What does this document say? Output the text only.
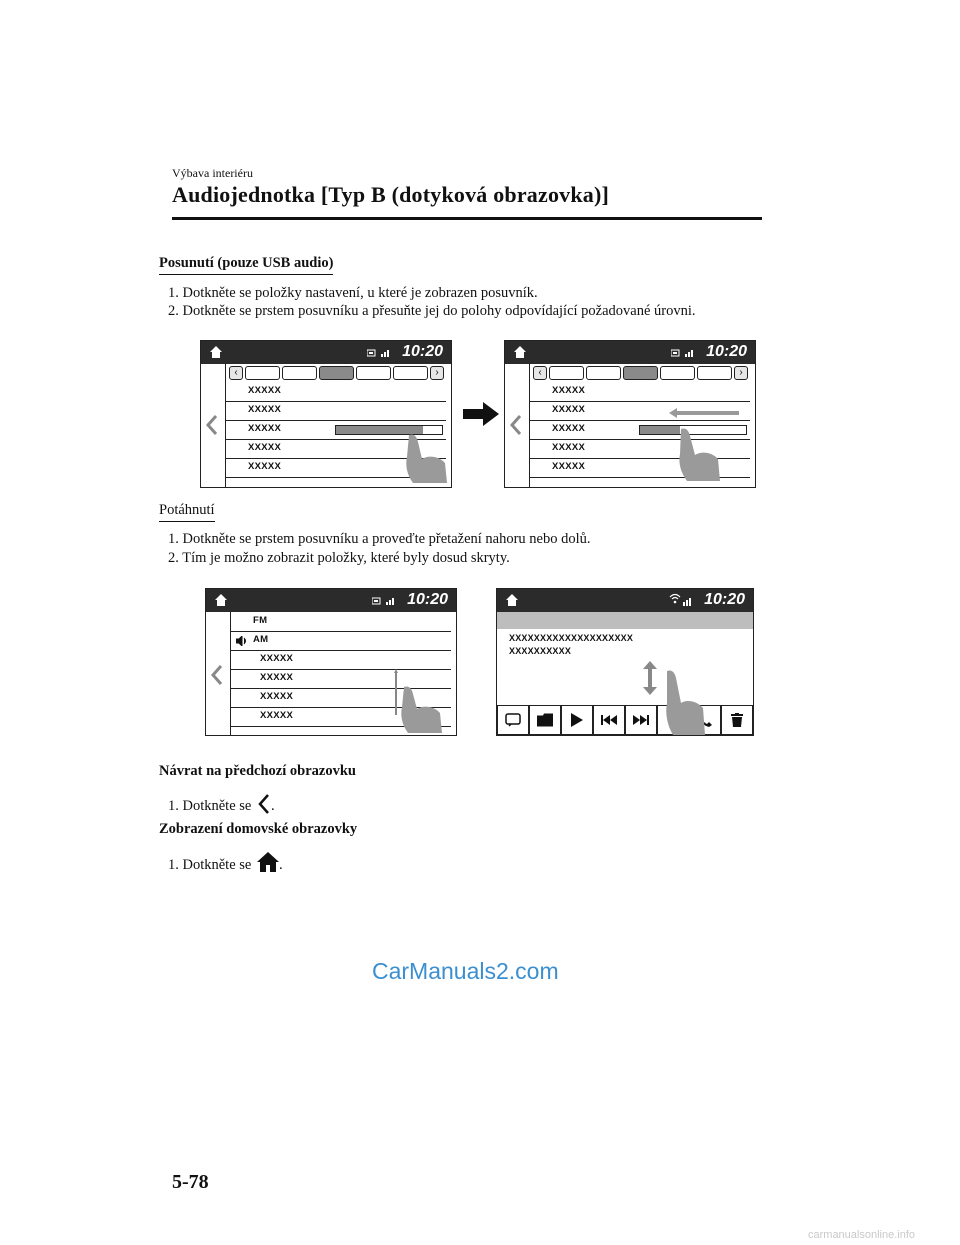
Výbava interiéru
Audiojednotka [Typ B (dotyková obrazovka)]
Posunutí (pouze USB audio)
1. Dotkněte se položky nastavení, u které je zobrazen posuvník.
2. Dotkněte se prstem posuvníku a přesuňte jej do polohy odpovídající požadované úrovni.
10:20
‹	›
XXXXX
XXXXX
XXXXX
XXXXX
XXXXX
10:20
‹	›
XXXXX
XXXXX
XXXXX
XXXXX
XXXXX
Potáhnutí
1. Dotkněte se prstem posuvníku a proveďte přetažení nahoru nebo dolů.
2. Tím je možno zobrazit položky, které byly dosud skryty.
10:20
FM
AM
XXXXX
XXXXX
XXXXX
XXXXX
10:20
XXXXXXXXXXXXXXXXXXXX
XXXXXXXXXX
Návrat na předchozí obrazovku
1. Dotkněte se .
Zobrazení domovské obrazovky
1. Dotkněte se .
CarManuals2.com
5-78
carmanualsonline.info
